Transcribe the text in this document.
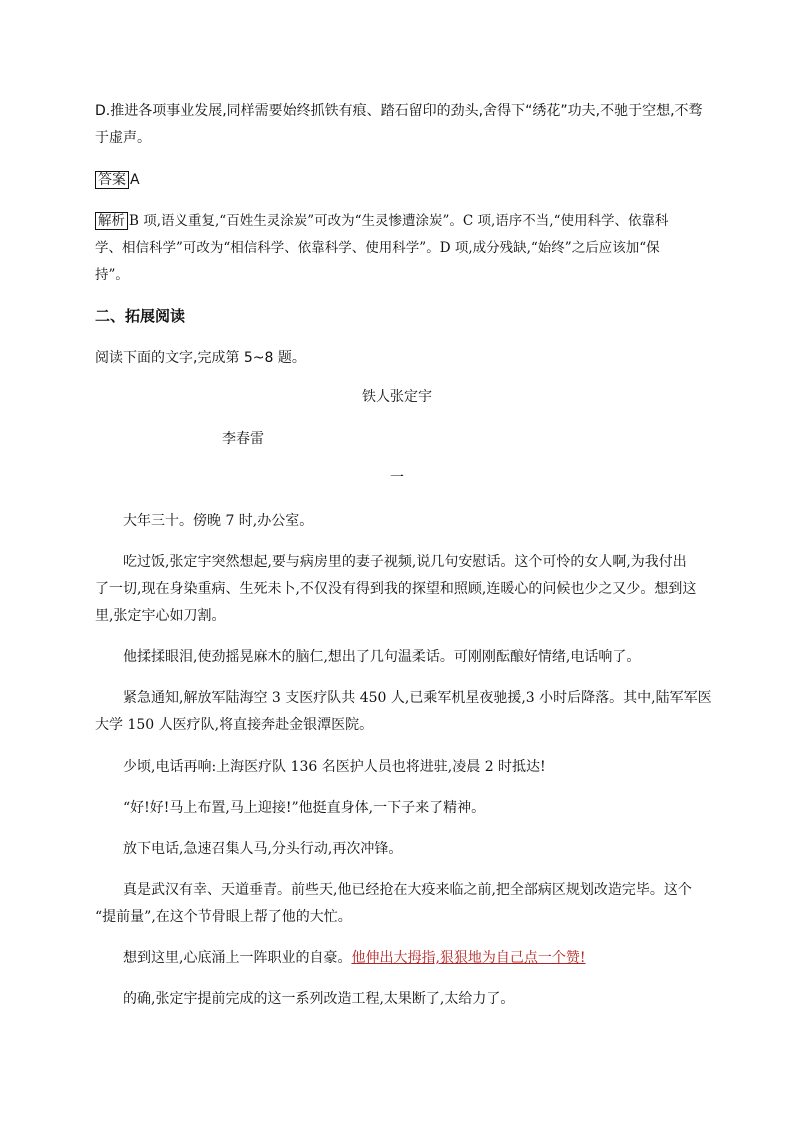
D.推进各项事业发展,同样需要始终抓铁有痕、踏石留印的劲头,舍得下“绣花”功夫,不驰于空想,不骛
于虚声。
答案 A
解析 B 项,语义重复,“百姓生灵涂炭”可改为“生灵惨遭涂炭”。C 项,语序不当,“使用科学、依靠科
学、相信科学”可改为“相信科学、依靠科学、使用科学”。D 项,成分残缺,“始终”之后应该加“保
持”。
二、拓展阅读
阅读下面的文字,完成第 5~8 题。
铁人张定宇
李春雷
一
大年三十。傍晚 7 时,办公室。
吃过饭,张定宇突然想起,要与病房里的妻子视频,说几句安慰话。这个可怜的女人啊,为我付出
了一切,现在身染重病、生死未卜,不仅没有得到我的探望和照顾,连暖心的问候也少之又少。想到这
里,张定宇心如刀割。
他揉揉眼泪,使劲摇晃麻木的脑仁,想出了几句温柔话。可刚刚酝酿好情绪,电话响了。
紧急通知,解放军陆海空 3 支医疗队共 450 人,已乘军机星夜驰援,3 小时后降落。其中,陆军军医
大学 150 人医疗队,将直接奔赴金银潭医院。
少顷,电话再响:上海医疗队 136 名医护人员也将进驻,凌晨 2 时抵达!
“好!好!马上布置,马上迎接!”他挺直身体,一下子来了精神。
放下电话,急速召集人马,分头行动,再次冲锋。
真是武汉有幸、天道垂青。前些天,他已经抢在大疫来临之前,把全部病区规划改造完毕。这个
“提前量”,在这个节骨眼上帮了他的大忙。
想到这里,心底涌上一阵职业的自豪。他伸出大拇指,狠狠地为自己点一个赞!
的确,张定宇提前完成的这一系列改造工程,太果断了,太给力了。
